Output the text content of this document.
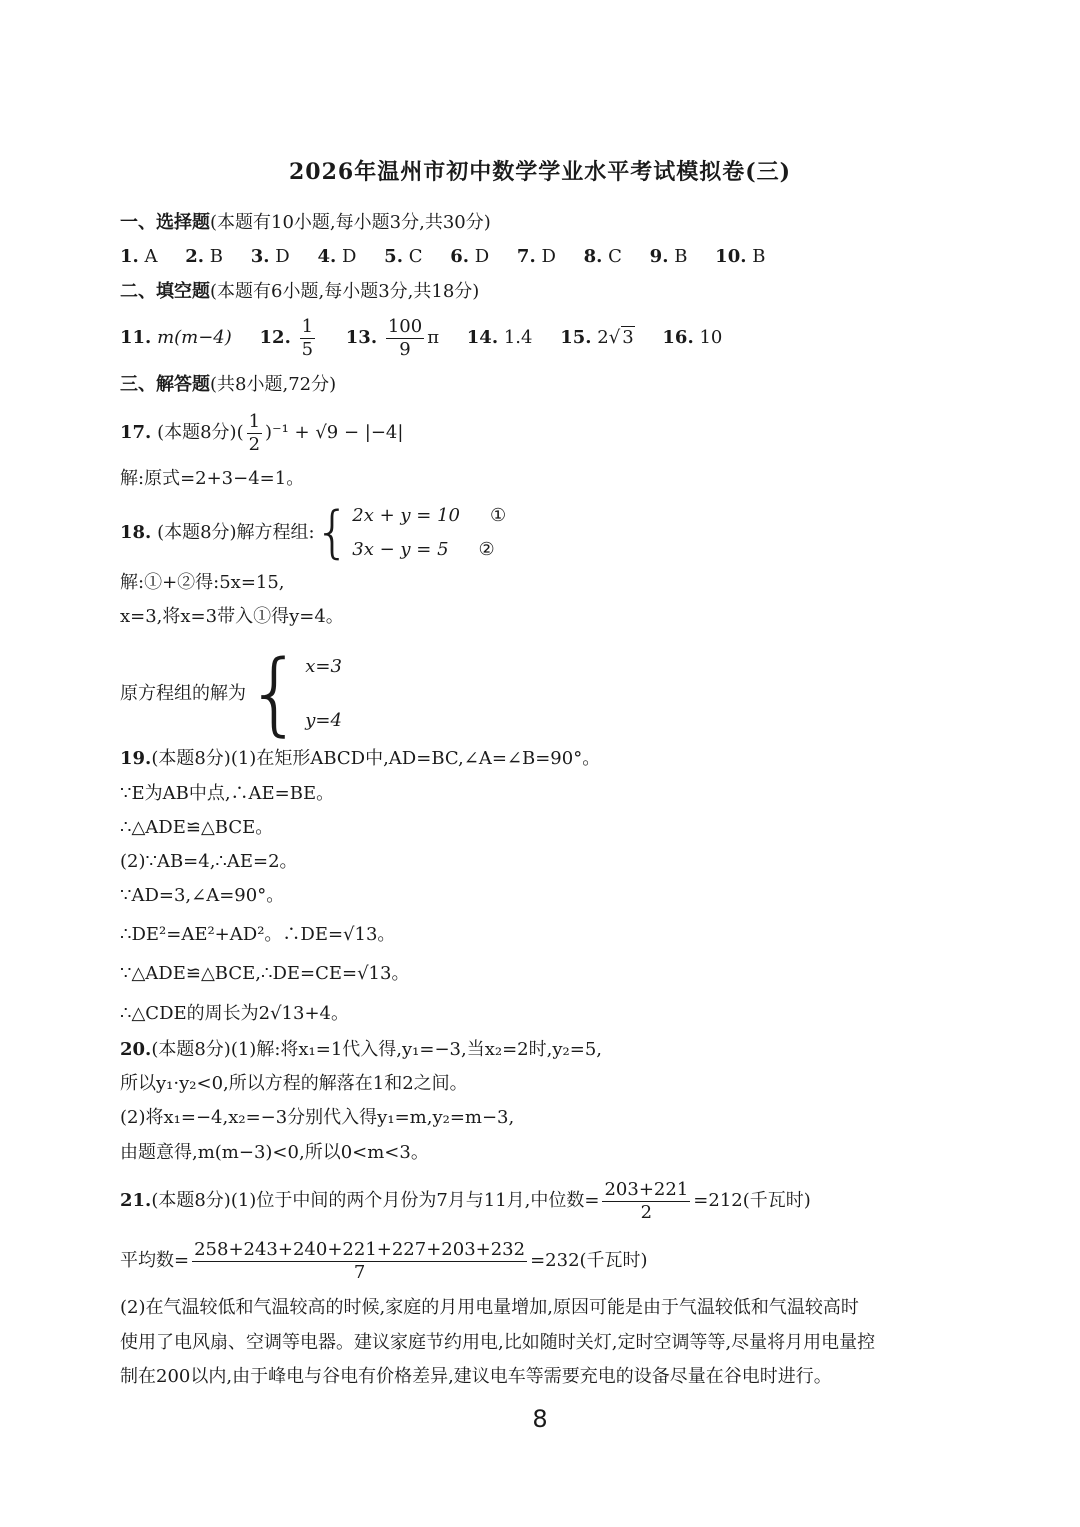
2026年温州市初中数学学业水平考试模拟卷(三)
一、选择题(本题有10小题,每小题3分,共30分)
1. A 2. B 3. D 4. D 5. C 6. D 7. D 8. C 9. B 10. B
二、填空题(本题有6小题,每小题3分,共18分)
11. m(m−4) 12. $\frac{1}{5} 13$. $\frac{100}{9}$ π 14. 1.4 15. 2√ 3 16. 10
三、解答题(共8小题,72分)
17. (本题8分)( $\frac{1}{2} )^{-1} + √9 - |-4|$
解:原式=2+3−4=1。
18. (本题8分)解方程组:{ 2x + y = 10 ①
3x − y = 5 ②
解:①+②得:5x=15,
x=3,将x=3带入①得y=4。
原方程组的解为{ x=3
y=4
19.(本题8分)(1)在矩形ABCD中,AD=BC,∠A=∠B=90°。
∵E为AB中点,∴AE=BE。
∴△ADE≌△BCE。
(2)∵AB=4,∴AE=2。
∵AD=3,∠A=90°。
∴DE²=AE²+AD²。∴DE=√13。
∵△ADE≌△BCE,∴DE=CE=√13。
∴△CDE的周长为2√13+4。
20.(本题8分)(1)解:将x₁=1代入得,y₁=−3,当x₂=2时,y₂=5,
所以y₁·y₂<0,所以方程的解落在1和2之间。
(2)将x₁=−4,x₂=−3分别代入得y₁=m,y₂=m−3,
由题意得,m(m−3)<0,所以0<m<3。
21.(本题8分)(1)位于中间的两个月份为7月与11月,中位数= $\frac{203+221}{2} =212$(千瓦时)
平均数= $\frac{258+243+240+221+227+203+232}{7} =232$(千瓦时)
(2)在气温较低和气温较高的时候,家庭的月用电量增加,原因可能是由于气温较低和气温较高时
使用了电风扇、空调等电器。建议家庭节约用电,比如随时关灯,定时空调等等,尽量将月用电量控
制在200以内,由于峰电与谷电有价格差异,建议电车等需要充电的设备尽量在谷电时进行。
8
